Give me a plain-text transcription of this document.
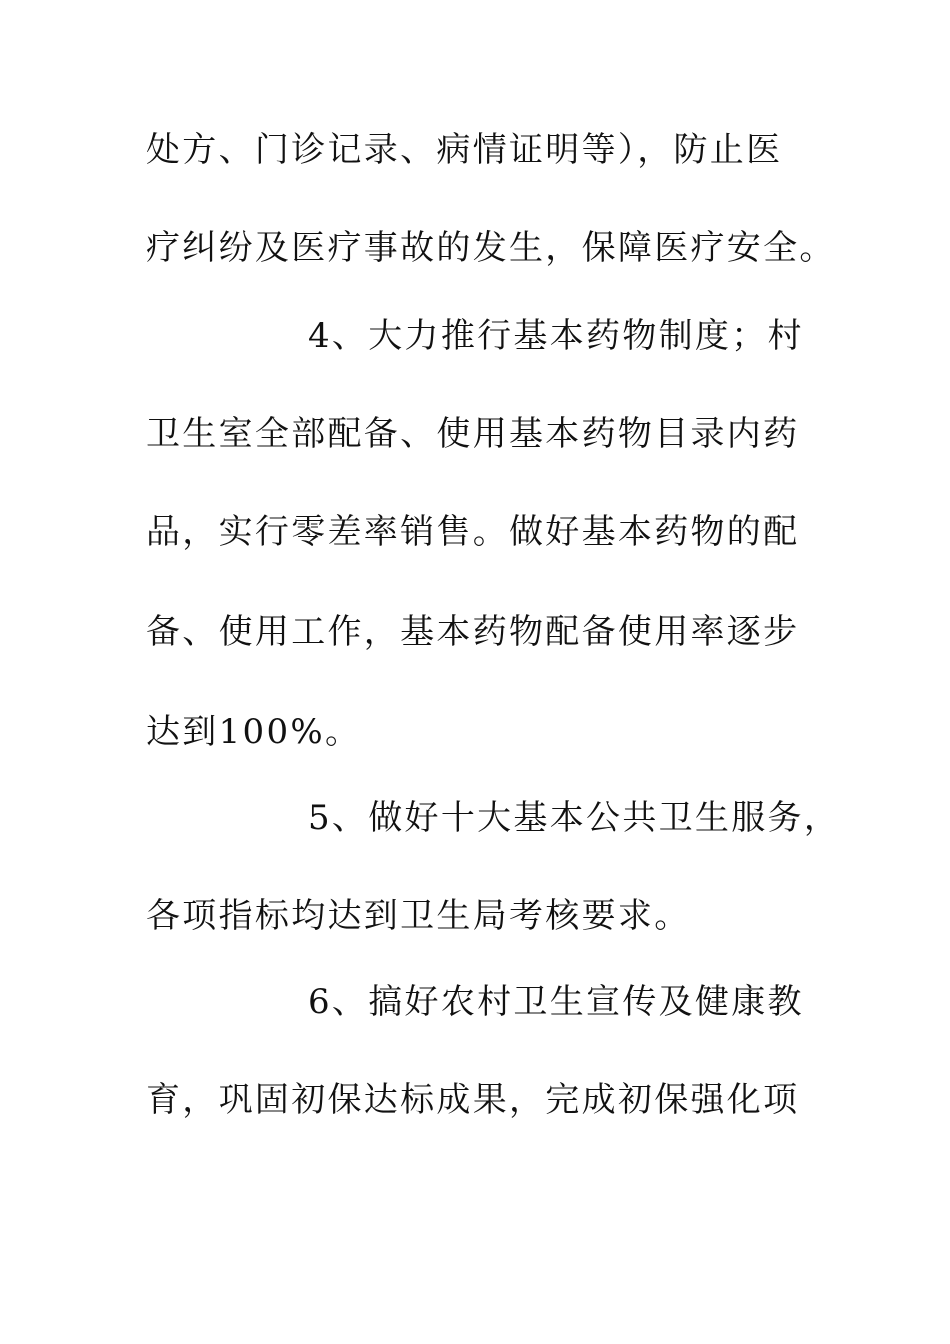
处方、门诊记录、病情证明等），防止医
疗纠纷及医疗事故的发生，保障医疗安全。
4、大力推行基本药物制度；村
卫生室全部配备、使用基本药物目录内药
品，实行零差率销售。做好基本药物的配
备、使用工作，基本药物配备使用率逐步
达到100%。
5、做好十大基本公共卫生服务，
各项指标均达到卫生局考核要求。
6、搞好农村卫生宣传及健康教
育，巩固初保达标成果，完成初保强化项
